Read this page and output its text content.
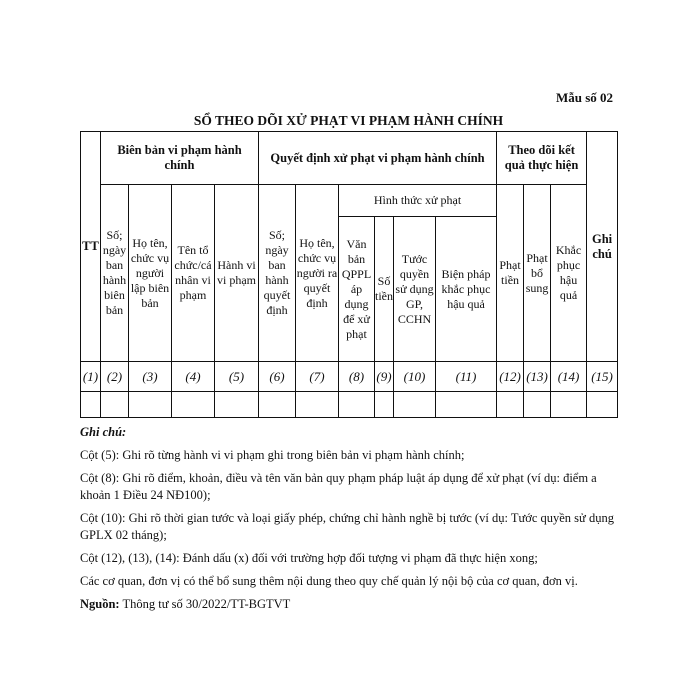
Mẫu số 02
SỔ THEO DÕI XỬ PHẠT VI PHẠM HÀNH CHÍNH
TT	Biên bản vi phạm hành chính				Quyết định xử phạt vi phạm hành chính						Theo dõi kết quả thực hiện			Ghi chú
	Số; ngày ban hành biên bản	Họ tên, chức vụ người lập biên bản	Tên tổ chức/cá nhân vi phạm	Hành vi vi phạm	Số; ngày ban hành quyết định	Họ tên, chức vụ người ra quyết định	Hình thức xử phạt				Phạt tiền	Phạt bổ sung	Khắc phục hậu quả	
							Văn bản QPPL áp dụng để xử phạt	Số tiền	Tước quyền sử dụng GP, CCHN	Biện pháp khắc phục hậu quả				
(1)	(2)	(3)	(4)	(5)	(6)	(7)	(8)	(9)	(10)	(11)	(12)	(13)	(14)	(15)

Ghi chú:

Cột (5): Ghi rõ từng hành vi vi phạm ghi trong biên bản vi phạm hành chính;

Cột (8): Ghi rõ điểm, khoản, điều và tên văn bản quy phạm pháp luật áp dụng để xử phạt (ví dụ: điểm a khoản 1 Điều 24 NĐ100);

Cột (10): Ghi rõ thời gian tước và loại giấy phép, chứng chỉ hành nghề bị tước (ví dụ: Tước quyền sử dụng GPLX 02 tháng);

Cột (12), (13), (14): Đánh dấu (x) đối với trường hợp đối tượng vi phạm đã thực hiện xong;

Các cơ quan, đơn vị có thể bổ sung thêm nội dung theo quy chế quản lý nội bộ của cơ quan, đơn vị.

Nguồn: Thông tư số 30/2022/TT-BGTVT
